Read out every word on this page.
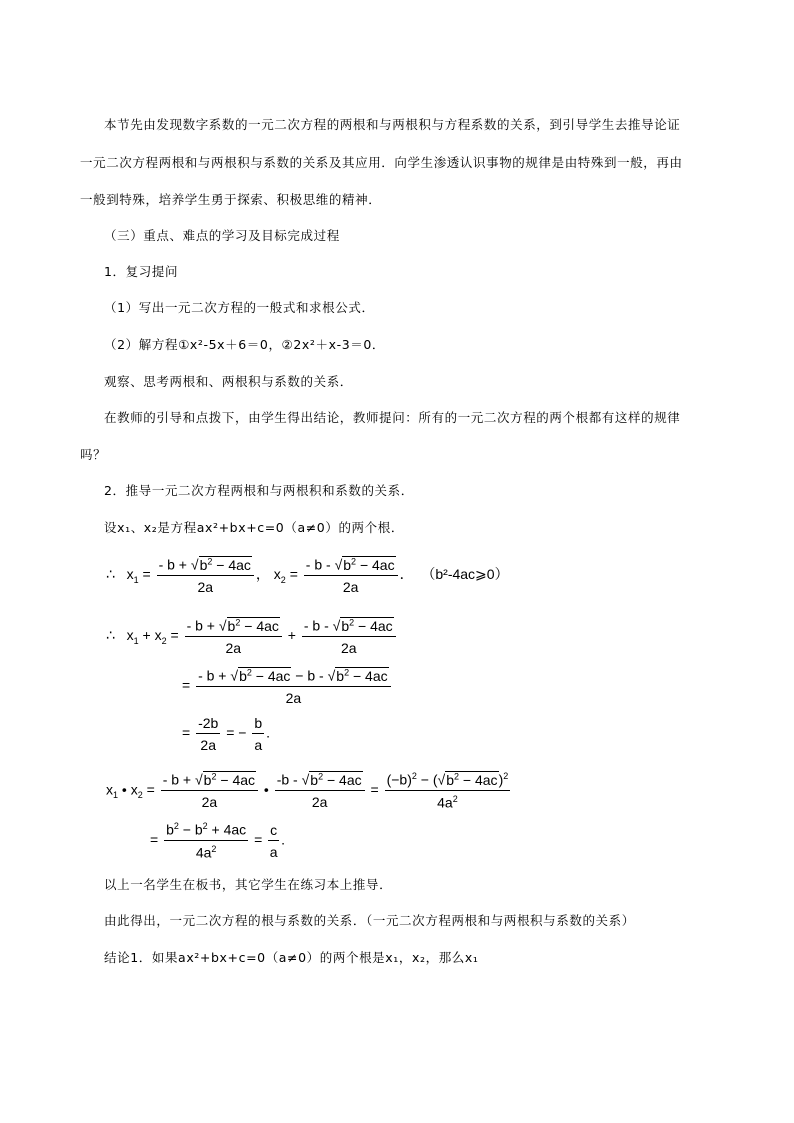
本节先由发现数字系数的一元二次方程的两根和与两根积与方程系数的关系，到引导学生去推导论证
一元二次方程两根和与两根积与系数的关系及其应用．向学生渗透认识事物的规律是由特殊到一般，再由
一般到特殊，培养学生勇于探索、积极思维的精神．
（三）重点、难点的学习及目标完成过程
1．复习提问
（1）写出一元二次方程的一般式和求根公式．
（2）解方程①x²-5x＋6＝0，②2x²＋x-3＝0．
观察、思考两根和、两根积与系数的关系．
在教师的引导和点拨下，由学生得出结论，教师提问：所有的一元二次方程的两个根都有这样的规律
吗？
2．推导一元二次方程两根和与两根积和系数的关系．
设x₁、x₂是方程ax²+bx+c=0（a≠0）的两个根．
∴   $x_1 = \frac{- b + √b^2 - 4ac}{2a}$ ， $x_2 = \frac{- b - √b^2 - 4ac}{2a}$ ．  （b²-4ac⩾0）
∴   $x_1 + x_2 = \frac{- b + √b^2 - 4ac}{2a} + \frac{- b - √b^2 - 4ac}{2a}$
= $\frac{- b + √b^2 - 4ac - b - √b^2 - 4ac}{2a}$
= $\frac{-2b}{2a}$ = − $\frac{b}{a}$ .
$x_1$ • $x_2 = \frac{- b + √b^2 - 4ac}{2a}$ • $\frac{-b - √b^2 - 4ac}{2a} = \frac{(-b)^2 - (√b^2 - 4ac)^2}{4a^2}$
= $\frac{b^2 - b^2 + 4ac}{4a^2} = \frac{c}{a}$ .
以上一名学生在板书，其它学生在练习本上推导．
由此得出，一元二次方程的根与系数的关系．（一元二次方程两根和与两根积与系数的关系）
结论1．如果ax²+bx+c=0（a≠0）的两个根是x₁，x₂，那么x₁
